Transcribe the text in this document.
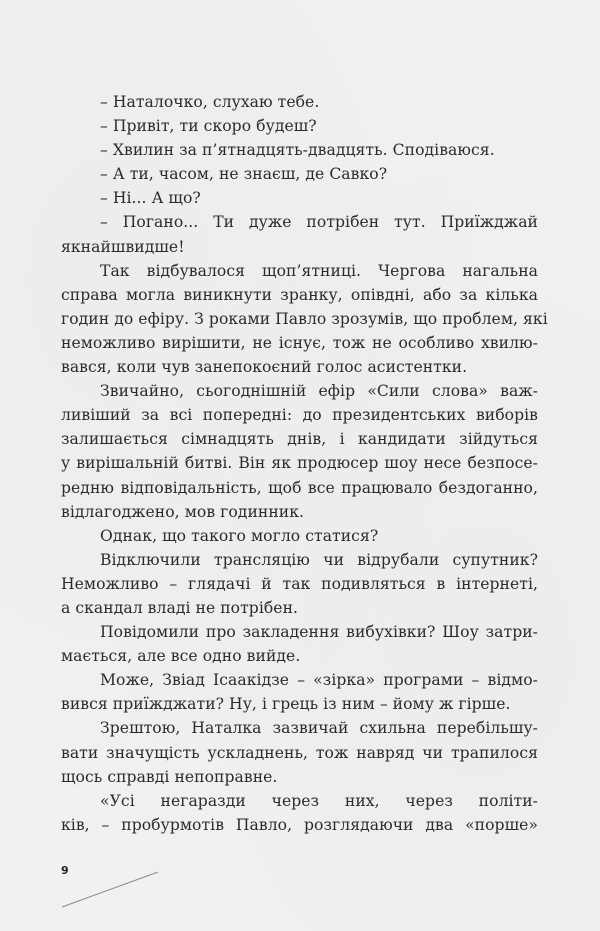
– Наталочко, слухаю тебе.
– Привіт, ти скоро будеш?
– Хвилин за п’ятнадцять-двадцять. Сподіваюся.
– А ти, часом, не знаєш, де Савко?
– Ні... А що?
– Погано... Ти дуже потрібен тут. Приїжджай
якнайшвидше!
Так відбувалося щоп’ятниці. Чергова нагальна
справа могла виникнути зранку, опівдні, або за кілька
годин до ефіру. З роками Павло зрозумів, що проблем, які
неможливо вирішити, не існує, тож не особливо хвилю-
вався, коли чув занепокоєний голос асистентки.
Звичайно, сьогоднішній ефір «Сили слова» важ-
ливіший за всі попередні: до президентських виборів
залишається сімнадцять днів, і кандидати зійдуться
у вирішальній битві. Він як продюсер шоу несе безпосе-
редню відповідальність, щоб все працювало бездоганно,
відлагоджено, мов годинник.
Однак, що такого могло статися?
Відключили трансляцію чи відрубали супутник?
Неможливо – глядачі й так подивляться в інтернеті,
а скандал владі не потрібен.
Повідомили про закладення вибухівки? Шоу затри-
мається, але все одно вийде.
Може, Звіад Ісаакідзе – «зірка» програми – відмо-
вився приїжджати? Ну, і грець із ним – йому ж гірше.
Зрештою, Наталка зазвичай схильна перебільшу-
вати значущість ускладнень, тож навряд чи трапилося
щось справді непоправне.
«Усі негаразди через них, через політи-
ків, – пробурмотів Павло, розглядаючи два «порше»
9
